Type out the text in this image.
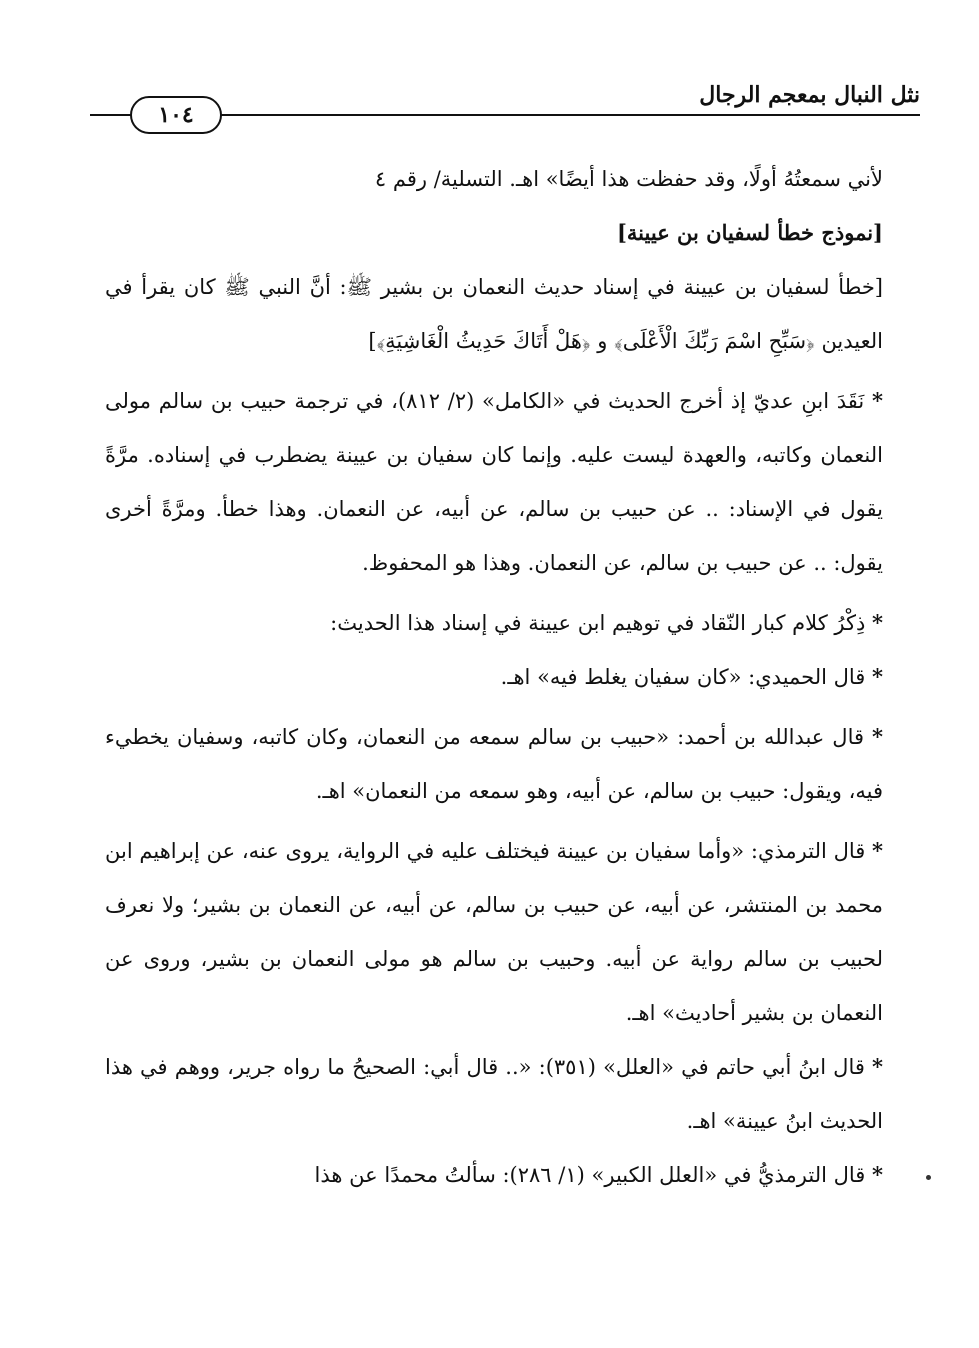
نثل النبال بمعجم الرجال
١٠٤

لأني سمعتُهُ أولًا، وقد حفظت هذا أيضًا» اهـ. التسلية/ رقم ٤

[نموذج خطأ لسفيان بن عيينة]

[خطأ لسفيان بن عيينة في إسناد حديث النعمان بن بشير ﷺ: أنَّ النبي ﷺ كان يقرأ في العيدين ﴿سَبِّحِ اسْمَ رَبِّكَ الْأَعْلَى﴾ و ﴿هَلْ أَتَاكَ حَدِيثُ الْغَاشِيَةِ﴾]

* نَقَدَ ابنِ عديّ إذ أخرج الحديث في «الكامل» (٢/ ٨١٢)، في ترجمة حبيب بن سالم مولى النعمان وكاتبه، والعهدة ليست عليه. وإنما كان سفيان بن عيينة يضطرب في إسناده. مرَّةً يقول في الإسناد: .. عن حبيب بن سالم، عن أبيه، عن النعمان. وهذا خطأ. ومرَّةً أخرى يقول: .. عن حبيب بن سالم، عن النعمان. وهذا هو المحفوظ.

* ذِكْرُ كلام كبار النّقاد في توهيم ابن عيينة في إسناد هذا الحديث:

* قال الحميدي: «كان سفيان يغلط فيه» اهـ.

* قال عبدالله بن أحمد: «حبيب بن سالم سمعه من النعمان، وكان كاتبه، وسفيان يخطيء فيه، ويقول: حبيب بن سالم، عن أبيه، وهو سمعه من النعمان» اهـ.

* قال الترمذي: «وأما سفيان بن عيينة فيختلف عليه في الرواية، يروى عنه، عن إبراهيم ابن محمد بن المنتشر، عن أبيه، عن حبيب بن سالم، عن أبيه، عن النعمان بن بشير؛ ولا نعرف لحبيب بن سالم رواية عن أبيه. وحبيب بن سالم هو مولى النعمان بن بشير، وروى عن النعمان بن بشير أحاديث» اهـ.

* قال ابنُ أبي حاتم في «العلل» (٣٥١): «.. قال أبي: الصحيحُ ما رواه جرير، ووهم في هذا الحديث ابنُ عيينة» اهـ.

* قال الترمذيُّ في «العلل الكبير» (١/ ٢٨٦): سألتُ محمدًا عن هذا
